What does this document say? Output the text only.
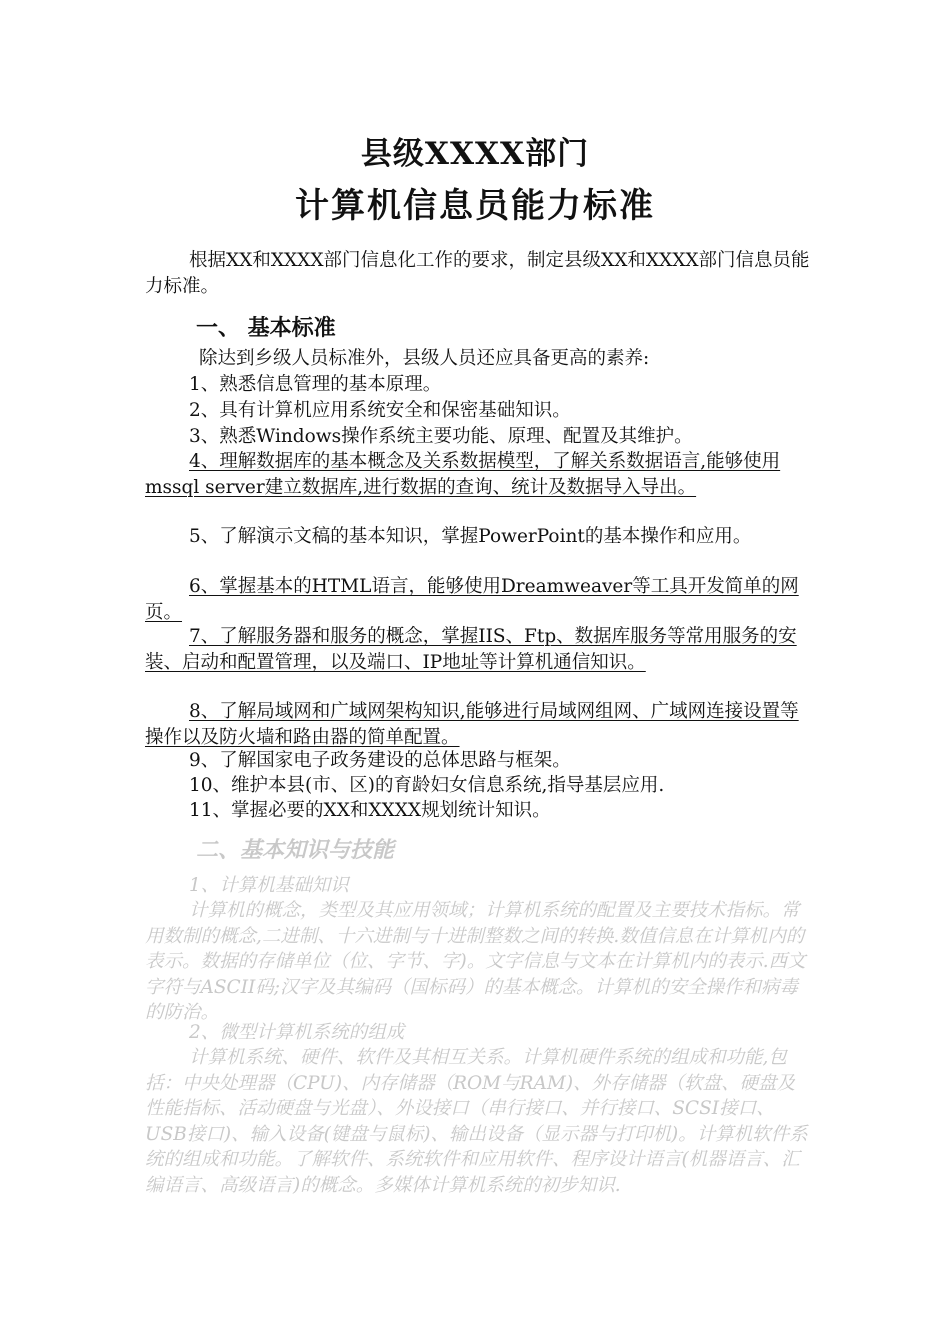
县级XXXX部门
计算机信息员能力标准

根据XX和XXXX部门信息化工作的要求，制定县级XX和XXXX部门信息员能力标准。

一、 基本标准

除达到乡级人员标准外，县级人员还应具备更高的素养:

1、熟悉信息管理的基本原理。

2、具有计算机应用系统安全和保密基础知识。

3、熟悉Windows操作系统主要功能、原理、配置及其维护。

4、理解数据库的基本概念及关系数据模型，了解关系数据语言,能够使用mssql server建立数据库,进行数据的查询、统计及数据导入导出。

5、了解演示文稿的基本知识，掌握PowerPoint的基本操作和应用。

6、掌握基本的HTML语言，能够使用Dreamweaver等工具开发简单的网页。

7、了解服务器和服务的概念，掌握IIS、Ftp、数据库服务等常用服务的安装、启动和配置管理，以及端口、IP地址等计算机通信知识。

8、了解局域网和广域网架构知识,能够进行局域网组网、广域网连接设置等操作以及防火墙和路由器的简单配置。

9、了解国家电子政务建设的总体思路与框架。

10、维护本县(市、区)的育龄妇女信息系统,指导基层应用.

11、掌握必要的XX和XXXX规划统计知识。

二、基本知识与技能

1、计算机基础知识

计算机的概念，类型及其应用领域；计算机系统的配置及主要技术指标。常用数制的概念,二进制、十六进制与十进制整数之间的转换.数值信息在计算机内的表示。数据的存储单位（位、字节、字)。文字信息与文本在计算机内的表示.西文字符与ASCII码;汉字及其编码（国标码）的基本概念。计算机的安全操作和病毒的防治。

2、微型计算机系统的组成

计算机系统、硬件、软件及其相互关系。计算机硬件系统的组成和功能,包括：中央处理器（CPU)、内存储器（ROM与RAM)、外存储器（软盘、硬盘及性能指标、活动硬盘与光盘）、外设接口（串行接口、并行接口、SCSI接口、USB接口)、输入设备(键盘与鼠标)、输出设备（显示器与打印机)。计算机软件系统的组成和功能。了解软件、系统软件和应用软件、程序设计语言(机器语言、汇编语言、高级语言)的概念。多媒体计算机系统的初步知识.
